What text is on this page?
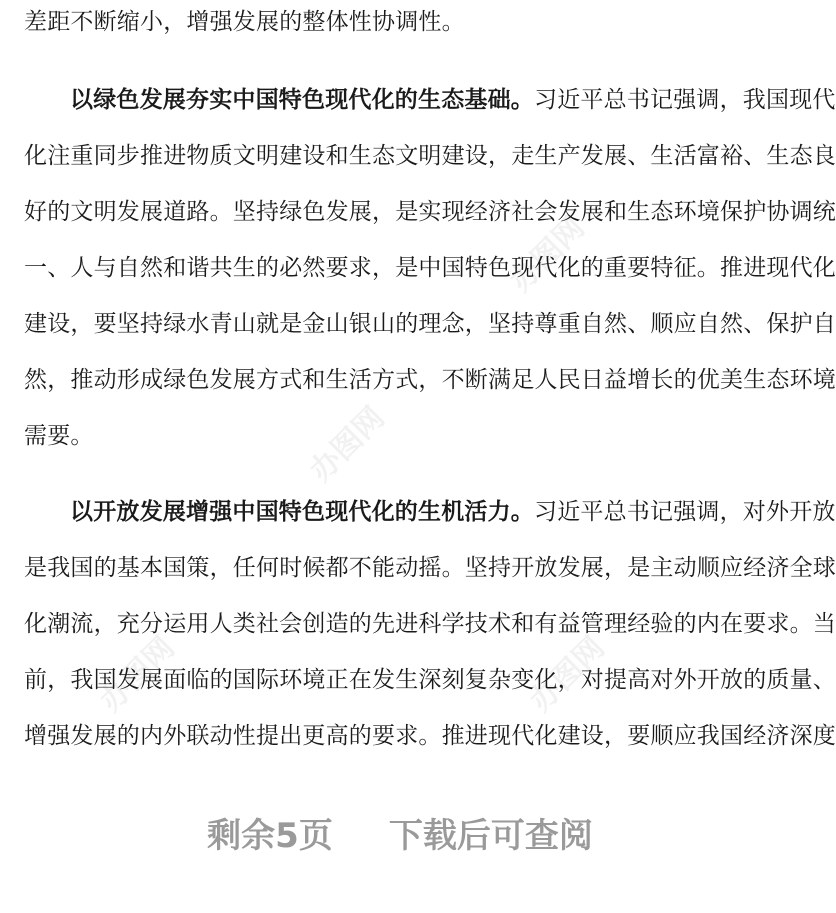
办图网
办图网
办图网	办图网
差距不断缩小，增强发展的整体性协调性。
以绿色发展夯实中国特色现代化的生态基础。习近平总书记强调，我国现代
化注重同步推进物质文明建设和生态文明建设，走生产发展、生活富裕、生态良
好的文明发展道路。坚持绿色发展，是实现经济社会发展和生态环境保护协调统
一、人与自然和谐共生的必然要求，是中国特色现代化的重要特征。推进现代化
建设，要坚持绿水青山就是金山银山的理念，坚持尊重自然、顺应自然、保护自
然，推动形成绿色发展方式和生活方式，不断满足人民日益增长的优美生态环境
需要。
以开放发展增强中国特色现代化的生机活力。习近平总书记强调，对外开放
是我国的基本国策，任何时候都不能动摇。坚持开放发展，是主动顺应经济全球
化潮流，充分运用人类社会创造的先进科学技术和有益管理经验的内在要求。当
前，我国发展面临的国际环境正在发生深刻复杂变化，对提高对外开放的质量、
增强发展的内外联动性提出更高的要求。推进现代化建设，要顺应我国经济深度
剩余5页 下载后可查阅
